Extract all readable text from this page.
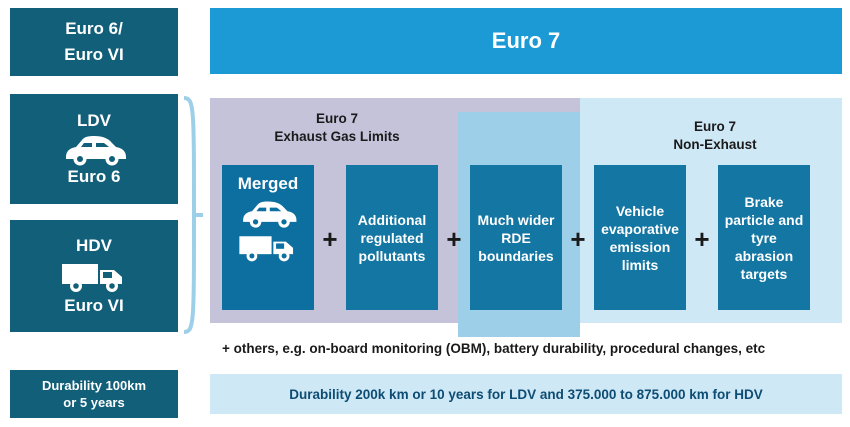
Euro 6/
Euro VI
LDV
Euro 6
HDV
Euro VI
Durability 100km
or 5 years
Euro 7
Euro 7
Exhaust Gas Limits
Euro 7
Non-Exhaust
Merged
+
Additional regulated pollutants
+
Much wider RDE boundaries
+
Vehicle evaporative emission limits
+
Brake particle and tyre abrasion targets
+ others, e.g. on-board monitoring (OBM), battery durability, procedural changes, etc
Durability 200k km or 10 years for LDV and 375.000 to 875.000 km for HDV
